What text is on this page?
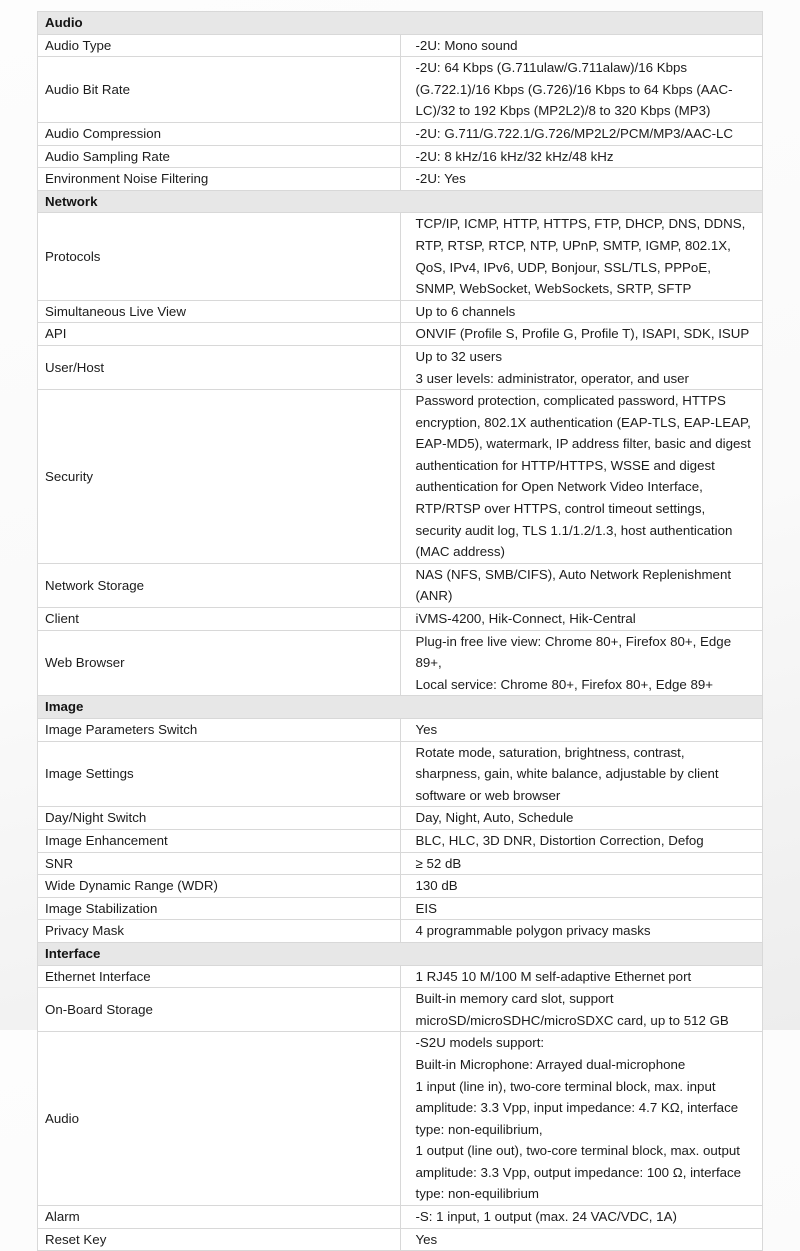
Audio	
Audio Type	-2U: Mono sound
Audio Bit Rate	-2U: 64 Kbps (G.711ulaw/G.711alaw)/16 Kbps (G.722.1)/16 Kbps (G.726)/16 Kbps to 64 Kbps (AAC-LC)/32 to 192 Kbps (MP2L2)/8 to 320 Kbps (MP3)
Audio Compression	-2U: G.711/G.722.1/G.726/MP2L2/PCM/MP3/AAC-LC
Audio Sampling Rate	-2U: 8 kHz/16 kHz/32 kHz/48 kHz
Environment Noise Filtering	-2U: Yes
Network	
Protocols	TCP/IP, ICMP, HTTP, HTTPS, FTP, DHCP, DNS, DDNS, RTP, RTSP, RTCP, NTP, UPnP, SMTP, IGMP, 802.1X, QoS, IPv4, IPv6, UDP, Bonjour, SSL/TLS, PPPoE, SNMP, WebSocket, WebSockets, SRTP, SFTP
Simultaneous Live View	Up to 6 channels
API	ONVIF (Profile S, Profile G, Profile T), ISAPI, SDK, ISUP
User/Host	Up to 32 users
3 user levels: administrator, operator, and user

Security	Password protection, complicated password, HTTPS encryption, 802.1X authentication (EAP-TLS, EAP-LEAP, EAP-MD5), watermark, IP address filter, basic and digest authentication for HTTP/HTTPS, WSSE and digest authentication for Open Network Video Interface, RTP/RTSP over HTTPS, control timeout settings, security audit log, TLS 1.1/1.2/1.3, host authentication (MAC address)
Network Storage	NAS (NFS, SMB/CIFS), Auto Network Replenishment (ANR)
Client	iVMS-4200, Hik-Connect, Hik-Central
Web Browser	Plug-in free live view: Chrome 80+, Firefox 80+, Edge 89+,
Local service: Chrome 80+, Firefox 80+, Edge 89+

Image	
Image Parameters Switch	Yes
Image Settings	Rotate mode, saturation, brightness, contrast, sharpness, gain, white balance, adjustable by client software or web browser
Day/Night Switch	Day, Night, Auto, Schedule
Image Enhancement	BLC, HLC, 3D DNR, Distortion Correction, Defog
SNR	≥ 52 dB
Wide Dynamic Range (WDR)	130 dB
Image Stabilization	EIS
Privacy Mask	4 programmable polygon privacy masks
Interface	
Ethernet Interface	1 RJ45 10 M/100 M self-adaptive Ethernet port
On-Board Storage	Built-in memory card slot, support microSD/microSDHC/microSDXC card, up to 512 GB
Audio	-S2U models support:
Built-in Microphone: Arrayed dual-microphone
1 input (line in), two-core terminal block, max. input amplitude: 3.3 Vpp, input impedance: 4.7 KΩ, interface type: non-equilibrium,
1 output (line out), two-core terminal block, max. output amplitude: 3.3 Vpp, output impedance: 100 Ω, interface type: non-equilibrium

Alarm	-S: 1 input, 1 output (max. 24 VAC/VDC, 1A)
Reset Key	Yes
